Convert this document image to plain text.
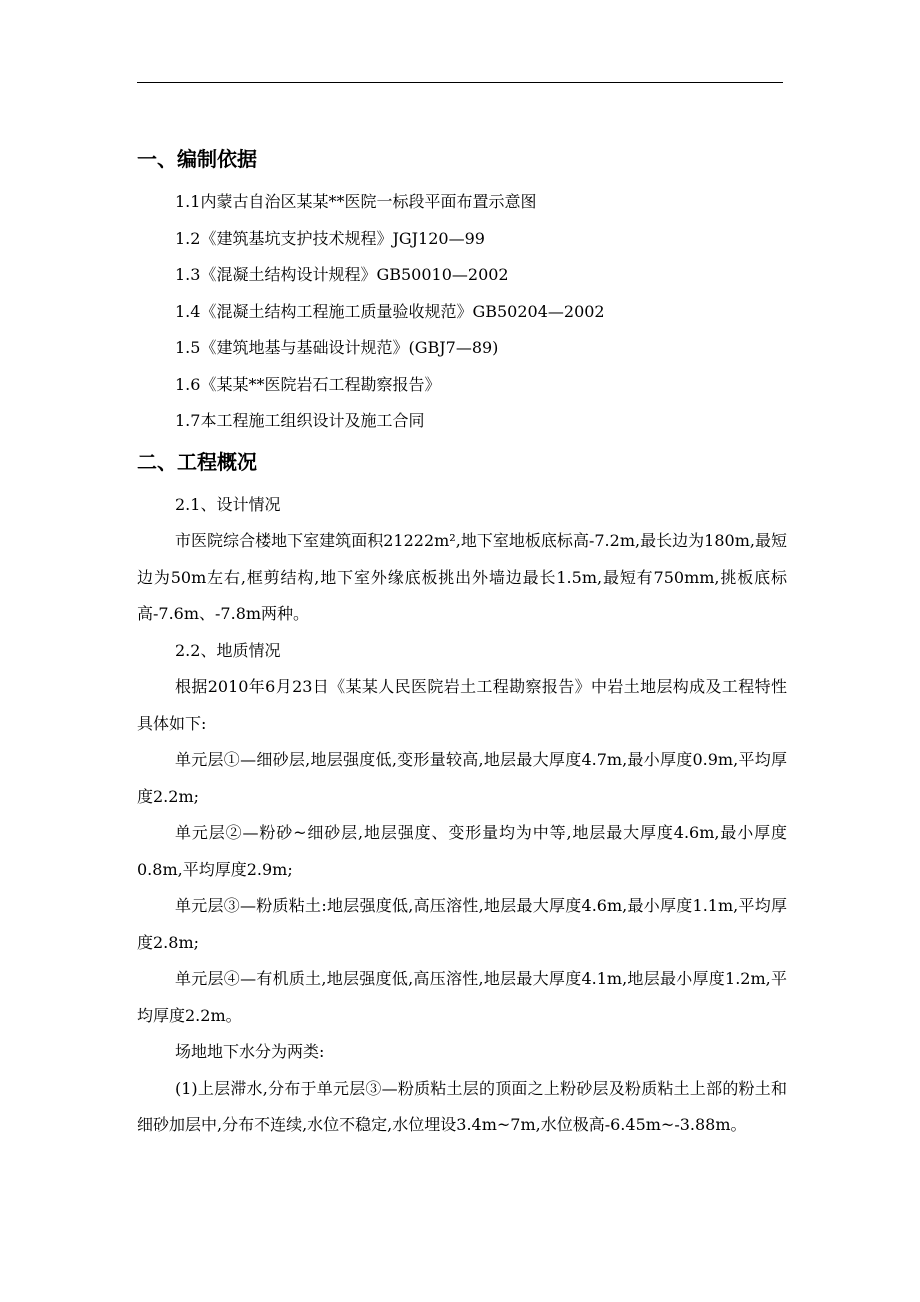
一、编制依据
1.1内蒙古自治区某某**医院一标段平面布置示意图
1.2《建筑基坑支护技术规程》JGJ120—99
1.3《混凝土结构设计规程》GB50010—2002
1.4《混凝土结构工程施工质量验收规范》GB50204—2002
1.5《建筑地基与基础设计规范》(GBJ7—89)
1.6《某某**医院岩石工程勘察报告》
1.7本工程施工组织设计及施工合同
二、工程概况
2.1、设计情况

市医院综合楼地下室建筑面积21222m²,地下室地板底标高-7.2m,最长边为180m,最短边为50m左右,框剪结构,地下室外缘底板挑出外墙边最长1.5m,最短有750mm,挑板底标高-7.6m、-7.8m两种。

2.2、地质情况

根据2010年6月23日《某某人民医院岩土工程勘察报告》中岩土地层构成及工程特性具体如下:

单元层①—细砂层,地层强度低,变形量较高,地层最大厚度4.7m,最小厚度0.9m,平均厚度2.2m;

单元层②—粉砂~细砂层,地层强度、变形量均为中等,地层最大厚度4.6m,最小厚度0.8m,平均厚度2.9m;

单元层③—粉质粘土:地层强度低,高压溶性,地层最大厚度4.6m,最小厚度1.1m,平均厚度2.8m;

单元层④—有机质土,地层强度低,高压溶性,地层最大厚度4.1m,地层最小厚度1.2m,平均厚度2.2m。

场地地下水分为两类:

(1)上层滞水,分布于单元层③—粉质粘土层的顶面之上粉砂层及粉质粘土上部的粉土和细砂加层中,分布不连续,水位不稳定,水位埋设3.4m~7m,水位极高-6.45m~-3.88m。
